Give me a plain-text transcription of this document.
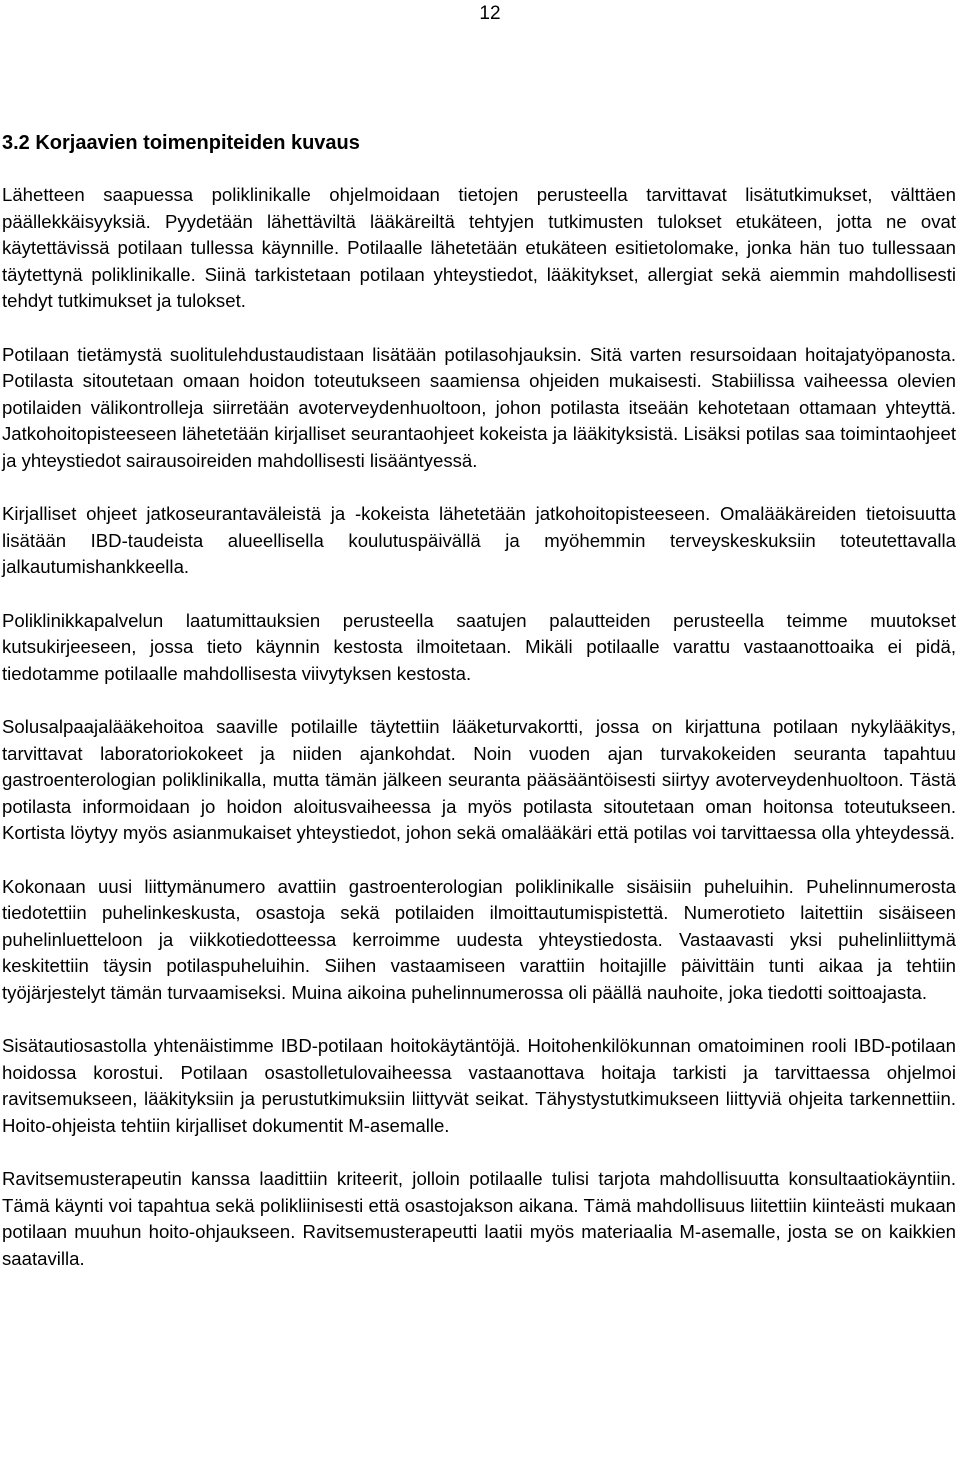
12
3.2 Korjaavien toimenpiteiden kuvaus

Lähetteen saapuessa poliklinikalle ohjelmoidaan tietojen perusteella tarvittavat lisätutkimukset, välttäen päällekkäisyyksiä. Pyydetään lähettäviltä lääkäreiltä tehtyjen tutkimusten tulokset etukäteen, jotta ne ovat käytettävissä potilaan tullessa käynnille. Potilaalle lähetetään etukäteen esitietolomake, jonka hän tuo tullessaan täytettynä poliklinikalle. Siinä tarkistetaan potilaan yhteystiedot, lääkitykset, allergiat sekä aiemmin mahdollisesti tehdyt tutkimukset ja tulokset.

Potilaan tietämystä suolitulehdustaudistaan lisätään potilasohjauksin. Sitä varten resursoidaan hoitajatyöpanosta. Potilasta sitoutetaan omaan hoidon toteutukseen saamiensa ohjeiden mukaisesti. Stabiilissa vaiheessa olevien potilaiden välikontrolleja siirretään avoterveydenhuoltoon, johon potilasta itseään kehotetaan ottamaan yhteyttä. Jatkohoitopisteeseen lähetetään kirjalliset seurantaohjeet kokeista ja lääkityksistä. Lisäksi potilas saa toimintaohjeet ja yhteystiedot sairausoireiden mahdollisesti lisääntyessä.

Kirjalliset ohjeet jatkoseurantaväleistä ja -kokeista lähetetään jatkohoitopisteeseen. Omalääkäreiden tietoisuutta lisätään IBD-taudeista alueellisella koulutuspäivällä ja myöhemmin terveyskeskuksiin toteutettavalla jalkautumishankkeella.

Poliklinikkapalvelun laatumittauksien perusteella saatujen palautteiden perusteella teimme muutokset kutsukirjeeseen, jossa tieto käynnin kestosta ilmoitetaan. Mikäli potilaalle varattu vastaanottoaika ei pidä, tiedotamme potilaalle mahdollisesta viivytyksen kestosta.

Solusalpaajalääkehoitoa saaville potilaille täytettiin lääketurvakortti, jossa on kirjattuna potilaan nykylääkitys, tarvittavat laboratoriokokeet ja niiden ajankohdat. Noin vuoden ajan turvakokeiden seuranta tapahtuu gastroenterologian poliklinikalla, mutta tämän jälkeen seuranta pääsääntöisesti siirtyy avoterveydenhuoltoon. Tästä potilasta informoidaan jo hoidon aloitusvaiheessa ja myös potilasta sitoutetaan oman hoitonsa toteutukseen. Kortista löytyy myös asianmukaiset yhteystiedot, johon sekä omalääkäri että potilas voi tarvittaessa olla yhteydessä.

Kokonaan uusi liittymänumero avattiin gastroenterologian poliklinikalle sisäisiin puheluihin. Puhelinnumerosta tiedotettiin puhelinkeskusta, osastoja sekä potilaiden ilmoittautumispistettä. Numerotieto laitettiin sisäiseen puhelinluetteloon ja viikkotiedotteessa kerroimme uudesta yhteystiedosta. Vastaavasti yksi puhelinliittymä keskitettiin täysin potilaspuheluihin. Siihen vastaamiseen varattiin hoitajille päivittäin tunti aikaa ja tehtiin työjärjestelyt tämän turvaamiseksi. Muina aikoina puhelinnumerossa oli päällä nauhoite, joka tiedotti soittoajasta.

Sisätautiosastolla yhtenäistimme IBD-potilaan hoitokäytäntöjä. Hoitohenkilökunnan omatoiminen rooli IBD-potilaan hoidossa korostui. Potilaan osastolletulovaiheessa vastaanottava hoitaja tarkisti ja tarvittaessa ohjelmoi ravitsemukseen, lääkityksiin ja perustutkimuksiin liittyvät seikat. Tähystystutkimukseen liittyviä ohjeita tarkennettiin. Hoito-ohjeista tehtiin kirjalliset dokumentit M-asemalle.

Ravitsemusterapeutin kanssa laadittiin kriteerit, jolloin potilaalle tulisi tarjota mahdollisuutta konsultaatiokäyntiin. Tämä käynti voi tapahtua sekä polikliinisesti että osastojakson aikana. Tämä mahdollisuus liitettiin kiinteästi mukaan potilaan muuhun hoito-ohjaukseen. Ravitsemusterapeutti laatii myös materiaalia M-asemalle, josta se on kaikkien saatavilla.
